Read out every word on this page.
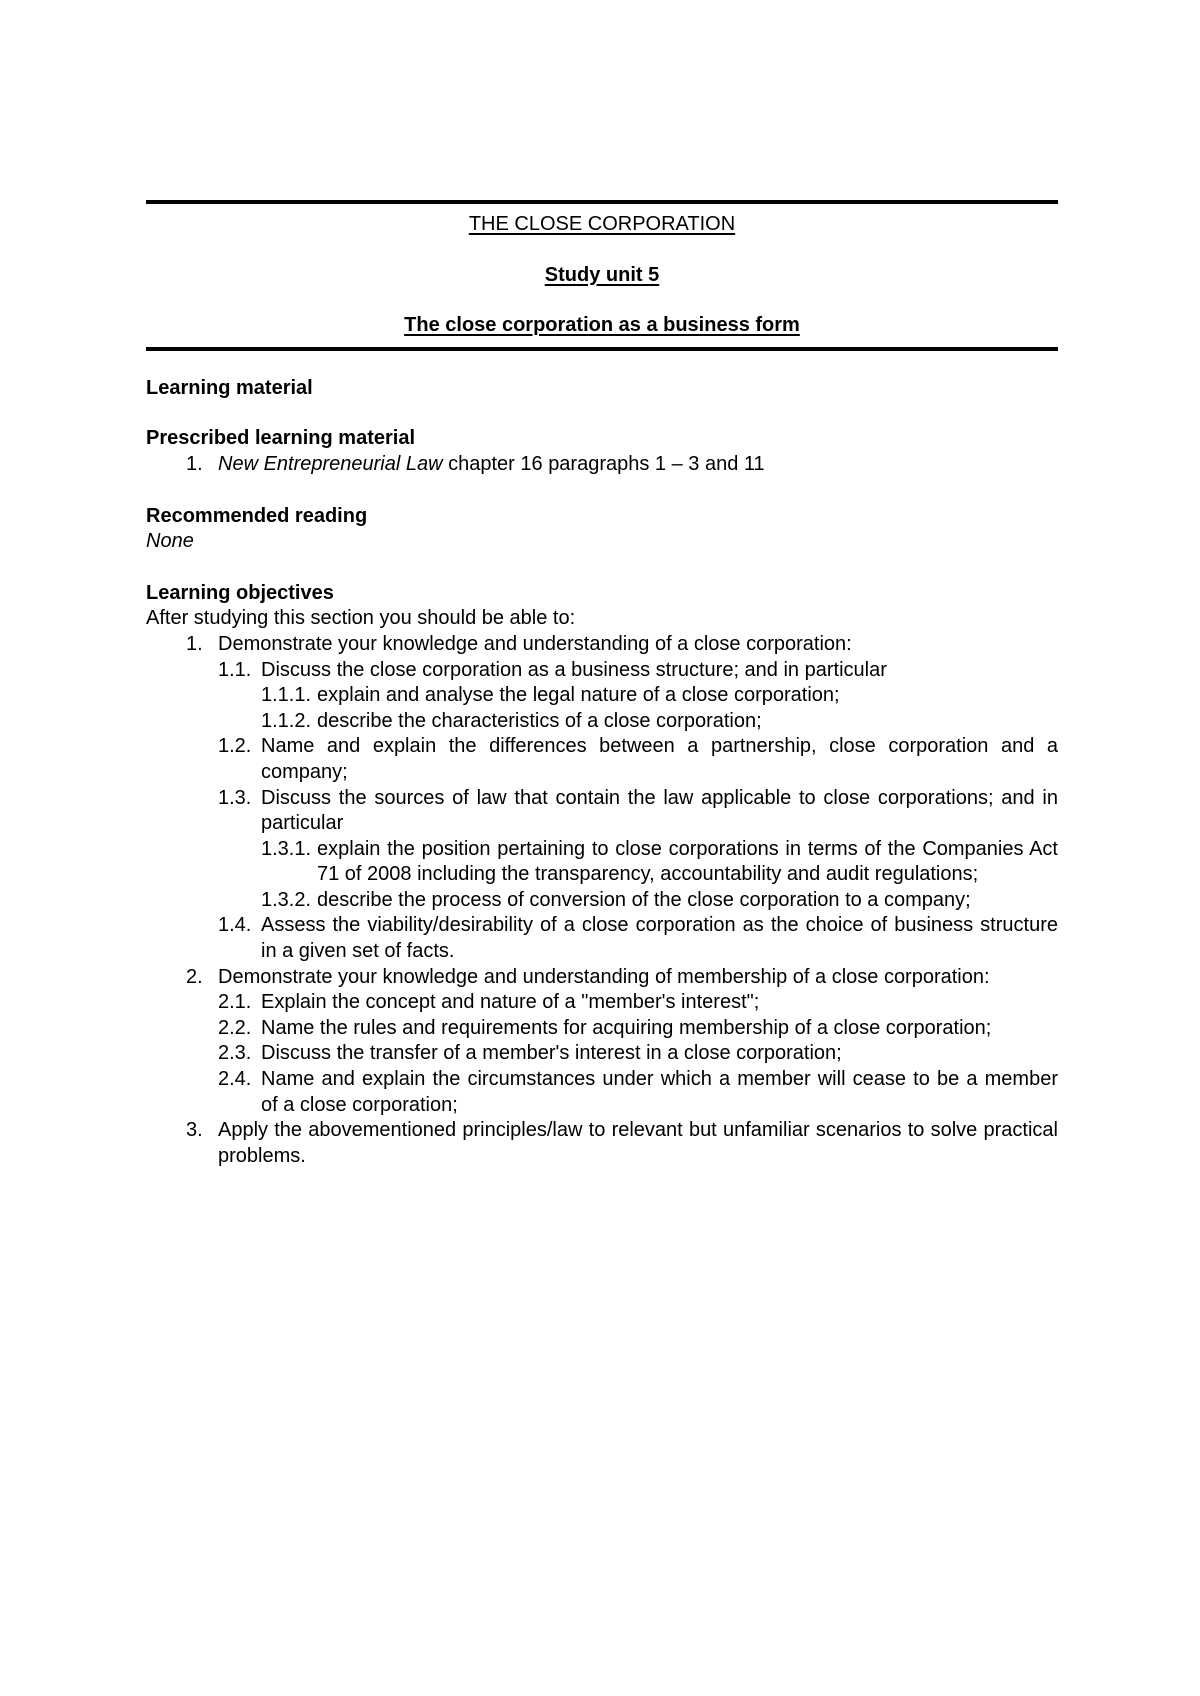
THE CLOSE CORPORATION
Study unit 5
The close corporation as a business form
Learning material
Prescribed learning material
1. New Entrepreneurial Law chapter 16 paragraphs 1 – 3 and 11
Recommended reading
None
Learning objectives
After studying this section you should be able to:
1. Demonstrate your knowledge and understanding of a close corporation:
1.1. Discuss the close corporation as a business structure; and in particular
1.1.1. explain and analyse the legal nature of a close corporation;
1.1.2. describe the characteristics of a close corporation;
1.2. Name and explain the differences between a partnership, close corporation and a company;
1.3. Discuss the sources of law that contain the law applicable to close corporations; and in particular
1.3.1. explain the position pertaining to close corporations in terms of the Companies Act 71 of 2008 including the transparency, accountability and audit regulations;
1.3.2. describe the process of conversion of the close corporation to a company;
1.4. Assess the viability/desirability of a close corporation as the choice of business structure in a given set of facts.
2. Demonstrate your knowledge and understanding of membership of a close corporation:
2.1. Explain the concept and nature of a "member's interest";
2.2. Name the rules and requirements for acquiring membership of a close corporation;
2.3. Discuss the transfer of a member's interest in a close corporation;
2.4. Name and explain the circumstances under which a member will cease to be a member of a close corporation;
3. Apply the abovementioned principles/law to relevant but unfamiliar scenarios to solve practical problems.
